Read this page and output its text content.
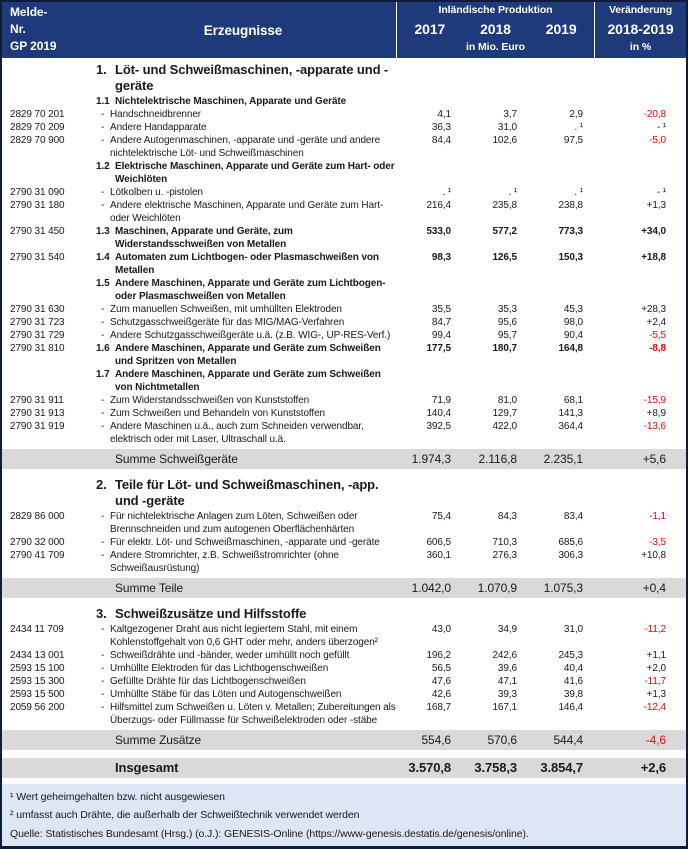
Melde-
Nr.
GP 2019
Erzeugnisse
Inländische Produktion
2017	2018	2019
in Mio. Euro
Veränderung
2018-2019
in %

	1. Löt- und Schweißmaschinen, -apparate und -geräte				

	1.1 Nichtelektrische Maschinen, Apparate und Geräte				

2829 70 201	- Handschneidbrenner	4,1	3,7	2,9	-20,8
2829 70 209	- Andere Handapparate	36,3	31,0	. ¹	- ¹
2829 70 900	- Andere Autogenmaschinen, -apparate und -geräte und andere nichtelektrische Löt- und Schweißmaschinen	84,4	102,6	97,5	-5,0

	1.2 Elektrische Maschinen, Apparate und Geräte zum Hart- oder Weichlöten				

2790 31 090	- Lötkolben u. -pistolen	. ¹	. ¹	. ¹	- ¹
2790 31 180	- Andere elektrische Maschinen, Apparate und Geräte zum Hart- oder Weichlöten	216,4	235,8	238,8	+1,3
2790 31 450	1.3 Maschinen, Apparate und Geräte, zum Widerstandsschweißen von Metallen	533,0	577,2	773,3	+34,0
2790 31 540	1.4 Automaten zum Lichtbogen- oder Plasmaschweißen von Metallen	98,3	126,5	150,3	+18,8

	1.5 Andere Maschinen, Apparate und Geräte zum Lichtbogen- oder Plasmaschweißen von Metallen				

2790 31 630	- Zum manuellen Schweißen, mit umhüllten Elektroden	35,5	35,3	45,3	+28,3
2790 31 723	- Schutzgasschweißgeräte für das MIG/MAG-Verfahren	84,7	95,6	98,0	+2,4
2790 31 729	- Andere Schutzgasschweißgeräte u.ä. (z.B. WIG-, UP-RES-Verf.)	99,4	95,7	90,4	-5,5
2790 31 810	1.6 Andere Maschinen, Apparate und Geräte zum Schweißen und Spritzen von Metallen	177,5	180,7	164,8	-8,8

	1.7 Andere Maschinen, Apparate und Geräte zum Schweißen von Nichtmetallen				

2790 31 911	- Zum Widerstandsschweißen von Kunststoffen	71,9	81,0	68,1	-15,9
2790 31 913	- Zum Schweißen und Behandeln von Kunststoffen	140,4	129,7	141,3	+8,9
2790 31 919	- Andere Maschinen u.ä., auch zum Schneiden verwendbar, elektrisch oder mit Laser, Ultraschall u.ä.	392,5	422,0	364,4	-13,6

	Summe Schweißgeräte	1.974,3	2.116,8	2.235,1	+5,6

	2. Teile für Löt- und Schweißmaschinen, -app. und -geräte				

2829 86 000	- Für nichtelektrische Anlagen zum Löten, Schweißen oder Brennschneiden und zum autogenen Oberflächenhärten	75,4	84,3	83,4	-1,1
2790 32 000	- Für elektr. Löt- und Schweißmaschinen, -apparate und -geräte	606,5	710,3	685,6	-3,5
2790 41 709	- Andere Stromrichter, z.B. Schweißstromrichter (ohne Schweißausrüstung)	360,1	276,3	306,3	+10,8

	Summe Teile	1.042,0	1.070,9	1.075,3	+0,4

	3. Schweißzusätze und Hilfsstoffe				

2434 11 709	- Kaltgezogener Draht aus nicht legiertem Stahl, mit einem Kohlenstoffgehalt von 0,6 GHT oder mehr, anders überzogen²	43,0	34,9	31,0	-11,2
2434 13 001	- Schweißdrähte und -bänder, weder umhüllt noch gefüllt	196,2	242,6	245,3	+1,1
2593 15 100	- Umhüllte Elektroden für das Lichtbogenschweißen	56,5	39,6	40,4	+2,0
2593 15 300	- Gefüllte Drähte für das Lichtbogenschweißen	47,6	47,1	41,6	-11,7
2593 15 500	- Umhüllte Stäbe für das Löten und Autogenschweißen	42,6	39,3	39,8	+1,3
2059 56 200	- Hilfsmittel zum Schweißen u. Löten v. Metallen; Zubereitungen als Überzugs- oder Füllmasse für Schweißelektroden oder -stäbe	168,7	167,1	146,4	-12,4

	Summe Zusätze	554,6	570,6	544,4	-4,6

	Insgesamt	3.570,8	3.758,3	3.854,7	+2,6

¹ Wert geheimgehalten bzw. nicht ausgewiesen
² umfasst auch Drähte, die außerhalb der Schweißtechnik verwendet werden
Quelle: Statistisches Bundesamt (Hrsg.) (o.J.): GENESIS-Online (https://www-genesis.destatis.de/genesis/online).
